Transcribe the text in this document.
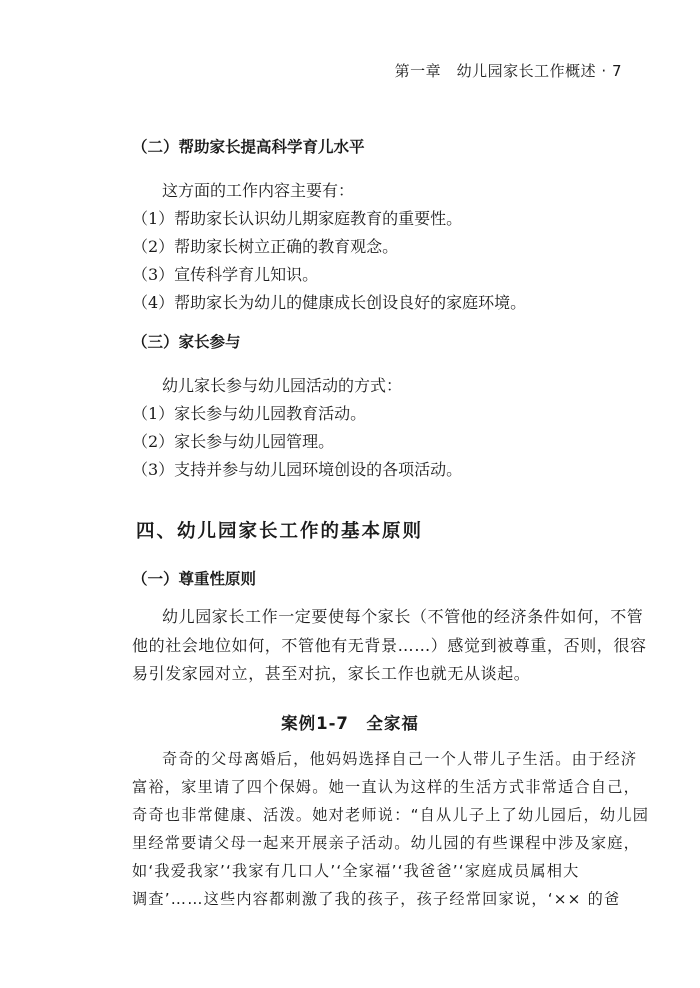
第一章　幼儿园家长工作概述 · 7
（二）帮助家长提高科学育儿水平
这方面的工作内容主要有：
（1）帮助家长认识幼儿期家庭教育的重要性。
（2）帮助家长树立正确的教育观念。
（3）宣传科学育儿知识。
（4）帮助家长为幼儿的健康成长创设良好的家庭环境。
（三）家长参与
幼儿家长参与幼儿园活动的方式：
（1）家长参与幼儿园教育活动。
（2）家长参与幼儿园管理。
（3）支持并参与幼儿园环境创设的各项活动。
四、幼儿园家长工作的基本原则
（一）尊重性原则
幼儿园家长工作一定要使每个家长（不管他的经济条件如何，不管
他的社会地位如何，不管他有无背景……）感觉到被尊重，否则，很容
易引发家园对立，甚至对抗，家长工作也就无从谈起。
案例1-7　全家福
奇奇的父母离婚后，他妈妈选择自己一个人带儿子生活。由于经济
富裕，家里请了四个保姆。她一直认为这样的生活方式非常适合自己，
奇奇也非常健康、活泼。她对老师说：“自从儿子上了幼儿园后，幼儿园
里经常要请父母一起来开展亲子活动。幼儿园的有些课程中涉及家庭，
如‘我爱我家’‘我家有几口人’‘全家福’‘我爸爸’‘家庭成员属相大
调查’……这些内容都刺激了我的孩子，孩子经常回家说，‘×× 的爸
